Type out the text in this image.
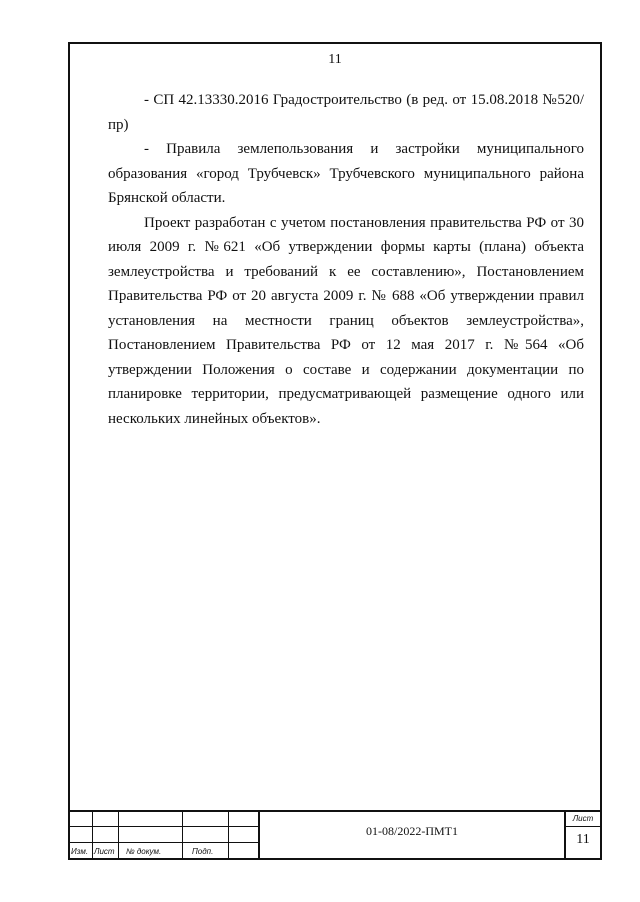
11

- СП 42.13330.2016 Градостроительство (в ред. от 15.08.2018 №520/пр)

- Правила землепользования и застройки муниципального образования «город Трубчевск» Трубчевского муниципального района Брянской области.

Проект разработан с учетом постановления правительства РФ от 30 июля 2009 г. №621 «Об утверждении формы карты (плана) объекта землеустройства и требований к ее составлению», Постановлением Правительства РФ от 20 августа 2009 г. № 688 «Об утверждении правил установления на местности границ объектов землеустройства», Постановлением Правительства РФ от 12 мая 2017 г. №564 «Об утверждении Положения о составе и содержании документации по планировке территории, предусматривающей размещение одного или нескольких линейных объектов».

Изм. Лист № докум.	Подп.
01-08/2022-ПМТ1
Лист
11
